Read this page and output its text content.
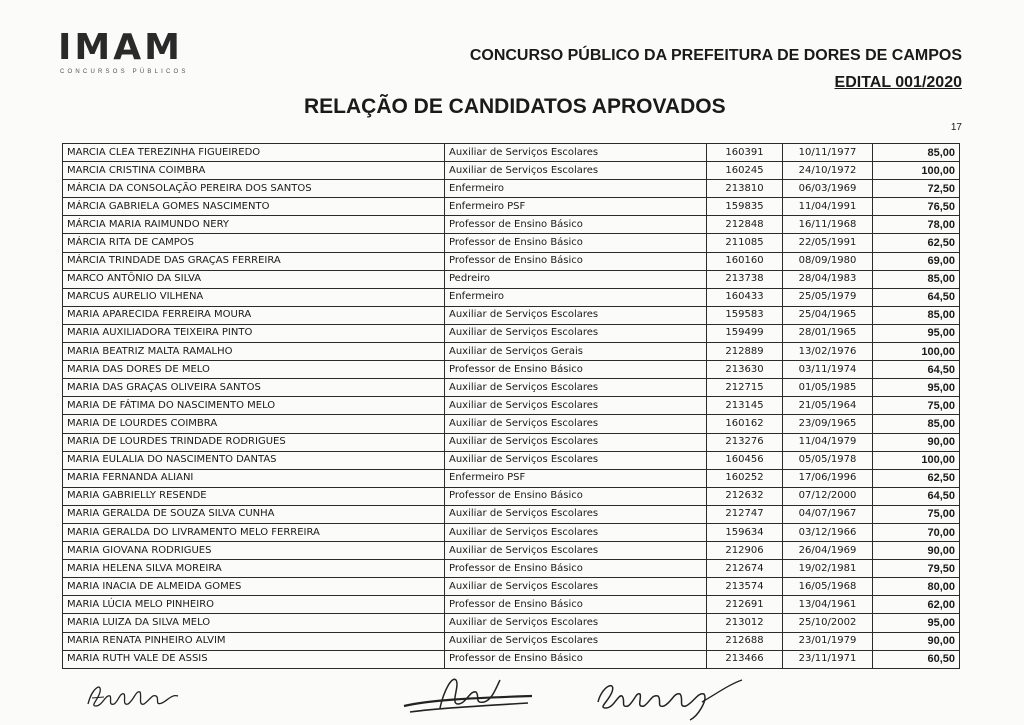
IMAM
CONCURSOS PÚBLICOS
CONCURSO PÚBLICO DA PREFEITURA DE DORES DE CAMPOS
EDITAL 001/2020
RELAÇÃO DE CANDIDATOS APROVADOS
17
MARCIA CLEA TEREZINHA FIGUEIREDO	Auxiliar de Serviços Escolares	160391	10/11/1977	85,00
MARCIA CRISTINA COIMBRA	Auxiliar de Serviços Escolares	160245	24/10/1972	100,00
MÁRCIA DA CONSOLAÇÃO PEREIRA DOS SANTOS	Enfermeiro	213810	06/03/1969	72,50
MÁRCIA GABRIELA GOMES NASCIMENTO	Enfermeiro PSF	159835	11/04/1991	76,50
MÁRCIA MARIA RAIMUNDO NERY	Professor de Ensino Básico	212848	16/11/1968	78,00
MÁRCIA RITA DE CAMPOS	Professor de Ensino Básico	211085	22/05/1991	62,50
MÁRCIA TRINDADE DAS GRAÇAS FERREIRA	Professor de Ensino Básico	160160	08/09/1980	69,00
MARCO ANTÔNIO DA SILVA	Pedreiro	213738	28/04/1983	85,00
MARCUS AURELIO VILHENA	Enfermeiro	160433	25/05/1979	64,50
MARIA APARECIDA FERREIRA MOURA	Auxiliar de Serviços Escolares	159583	25/04/1965	85,00
MARIA AUXILIADORA TEIXEIRA PINTO	Auxiliar de Serviços Escolares	159499	28/01/1965	95,00
MARIA BEATRIZ MALTA RAMALHO	Auxiliar de Serviços Gerais	212889	13/02/1976	100,00
MARIA DAS DORES DE MELO	Professor de Ensino Básico	213630	03/11/1974	64,50
MARIA DAS GRAÇAS OLIVEIRA SANTOS	Auxiliar de Serviços Escolares	212715	01/05/1985	95,00
MARIA DE FÁTIMA DO NASCIMENTO MELO	Auxiliar de Serviços Escolares	213145	21/05/1964	75,00
MARIA DE LOURDES COIMBRA	Auxiliar de Serviços Escolares	160162	23/09/1965	85,00
MARIA DE LOURDES TRINDADE RODRIGUES	Auxiliar de Serviços Escolares	213276	11/04/1979	90,00
MARIA EULALIA DO NASCIMENTO DANTAS	Auxiliar de Serviços Escolares	160456	05/05/1978	100,00
MARIA FERNANDA ALIANI	Enfermeiro PSF	160252	17/06/1996	62,50
MARIA GABRIELLY RESENDE	Professor de Ensino Básico	212632	07/12/2000	64,50
MARIA GERALDA DE SOUZA SILVA CUNHA	Auxiliar de Serviços Escolares	212747	04/07/1967	75,00
MARIA GERALDA DO LIVRAMENTO MELO FERREIRA	Auxiliar de Serviços Escolares	159634	03/12/1966	70,00
MARIA GIOVANA RODRIGUES	Auxiliar de Serviços Escolares	212906	26/04/1969	90,00
MARIA HELENA SILVA MOREIRA	Professor de Ensino Básico	212674	19/02/1981	79,50
MARIA INACIA DE ALMEIDA GOMES	Auxiliar de Serviços Escolares	213574	16/05/1968	80,00
MARIA LÚCIA MELO PINHEIRO	Professor de Ensino Básico	212691	13/04/1961	62,00
MARIA LUIZA DA SILVA MELO	Auxiliar de Serviços Escolares	213012	25/10/2002	95,00
MARIA RENATA PINHEIRO ALVIM	Auxiliar de Serviços Escolares	212688	23/01/1979	90,00
MARIA RUTH VALE DE ASSIS	Professor de Ensino Básico	213466	23/11/1971	60,50
